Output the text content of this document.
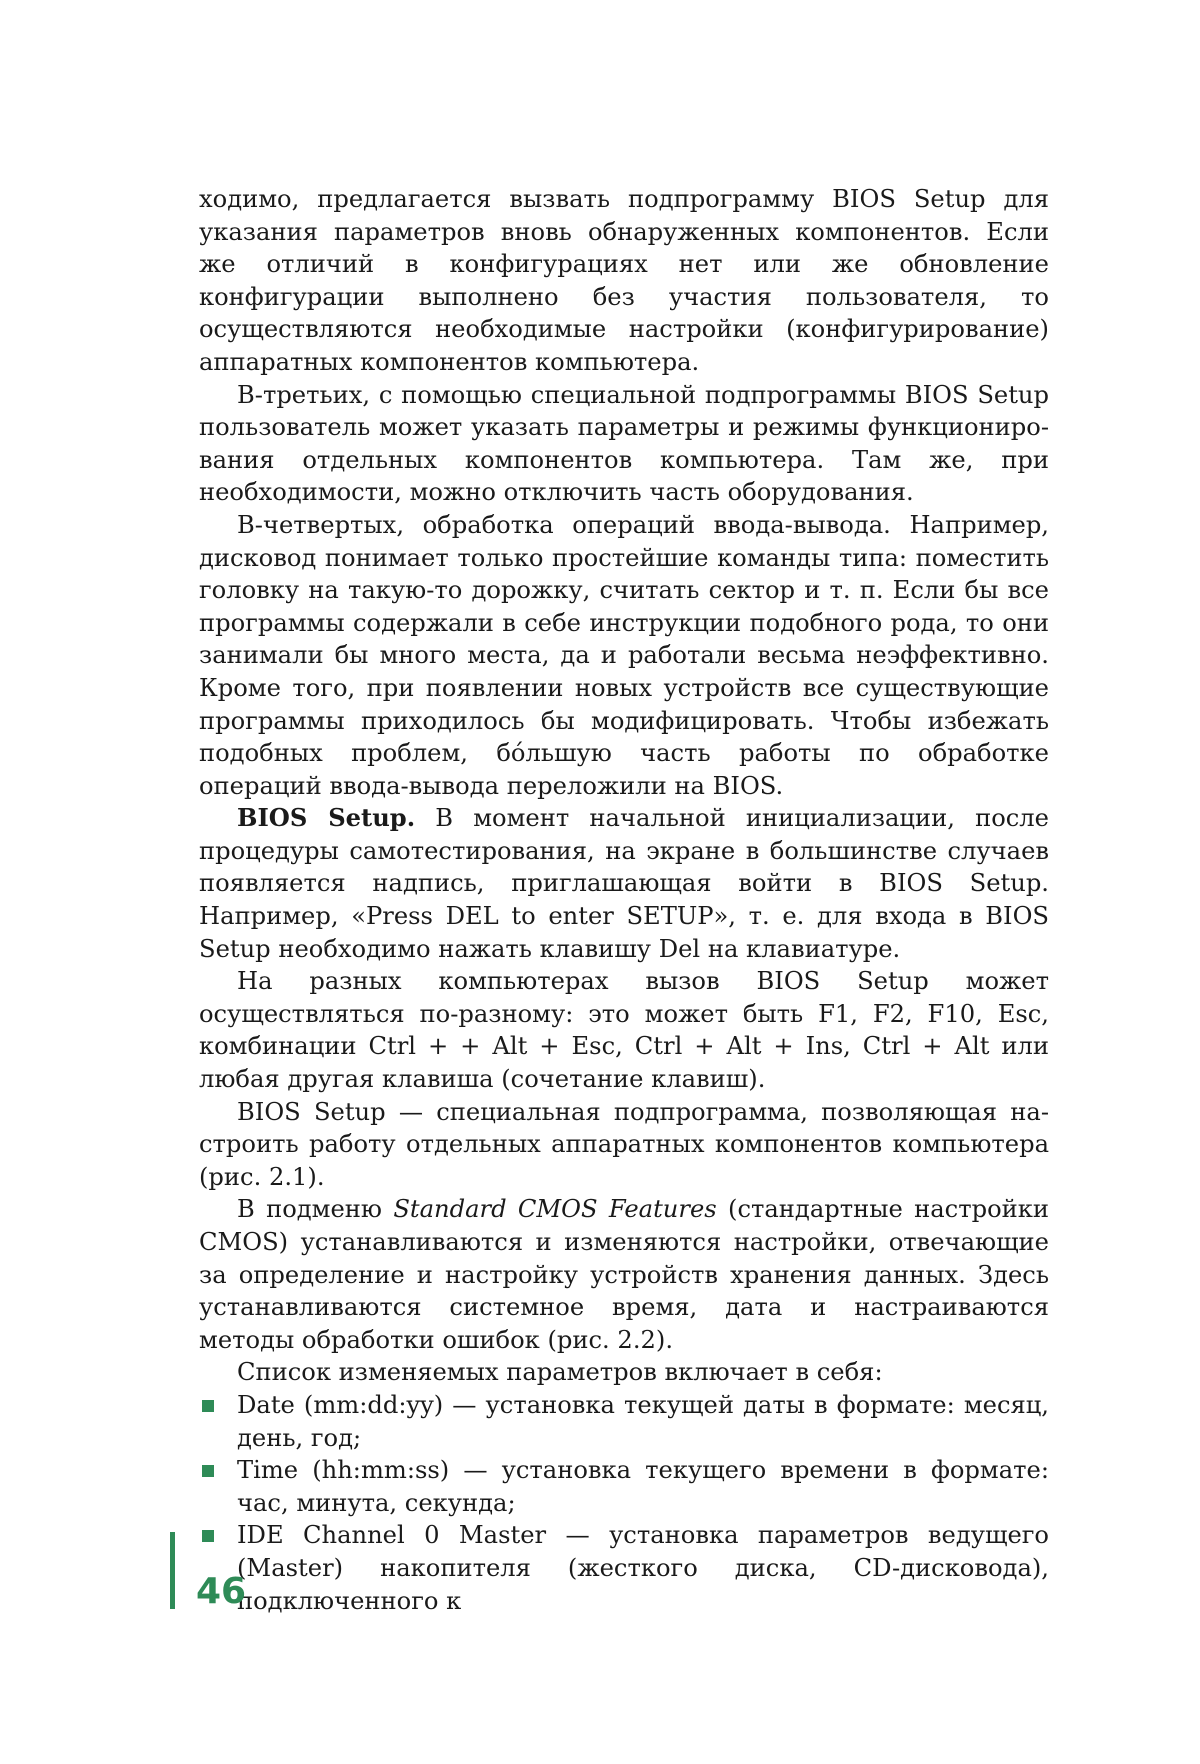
ходимо, предлагается вызвать подпрограмму BIOS Setup для указания параметров вновь обнаруженных компонентов. Если же отличий в конфигурациях нет или же обновление конфигурации выполнено без участия пользователя, то осуществляются необходимые настройки (конфигурирование) аппаратных компонентов компьютера.

В-третьих, с помощью специальной подпрограммы BIOS Setup пользователь может указать параметры и режимы функционирования отдельных компонентов компьютера. Там же, при необходимости, можно отключить часть оборудования.

В-четвертых, обработка операций ввода-вывода. Например, дисковод понимает только простейшие команды типа: поместить головку на такую-то дорожку, считать сектор и т. п. Если бы все программы содержали в себе инструкции подобного рода, то они занимали бы много места, да и работали весьма неэффективно. Кроме того, при появлении новых устройств все существующие программы приходилось бы модифицировать. Чтобы избежать подобных проблем, бóльшую часть работы по обработке операций ввода-вывода переложили на BIOS.

BIOS Setup. В момент начальной инициализации, после процедуры самотестирования, на экране в большинстве случаев появляется надпись, приглашающая войти в BIOS Setup. Например, «Press DEL to enter SETUP», т. е. для входа в BIOS Setup необходимо нажать клавишу Del на клавиатуре.

На разных компьютерах вызов BIOS Setup может осуществляться по-разному: это может быть F1, F2, F10, Esc, комбинации Ctrl + + Alt + Esc, Ctrl + Alt + Ins, Ctrl + Alt или любая другая клавиша (сочетание клавиш).

BIOS Setup — специальная подпрограмма, позволяющая настроить работу отдельных аппаратных компонентов компьютера (рис. 2.1).

В подменю Standard CMOS Features (стандартные настройки CMOS) устанавливаются и изменяются настройки, отвечающие за определение и настройку устройств хранения данных. Здесь устанавливаются системное время, дата и настраиваются методы обработки ошибок (рис. 2.2).

Список изменяемых параметров включает в себя:

Date (mm:dd:yy) — установка текущей даты в формате: месяц, день, год;
Time (hh:mm:ss) — установка текущего времени в формате: час, минута, секунда;
IDE Channel 0 Master — установка параметров ведущего (Master) накопителя (жесткого диска, CD-дисковода), подключенного к
46
